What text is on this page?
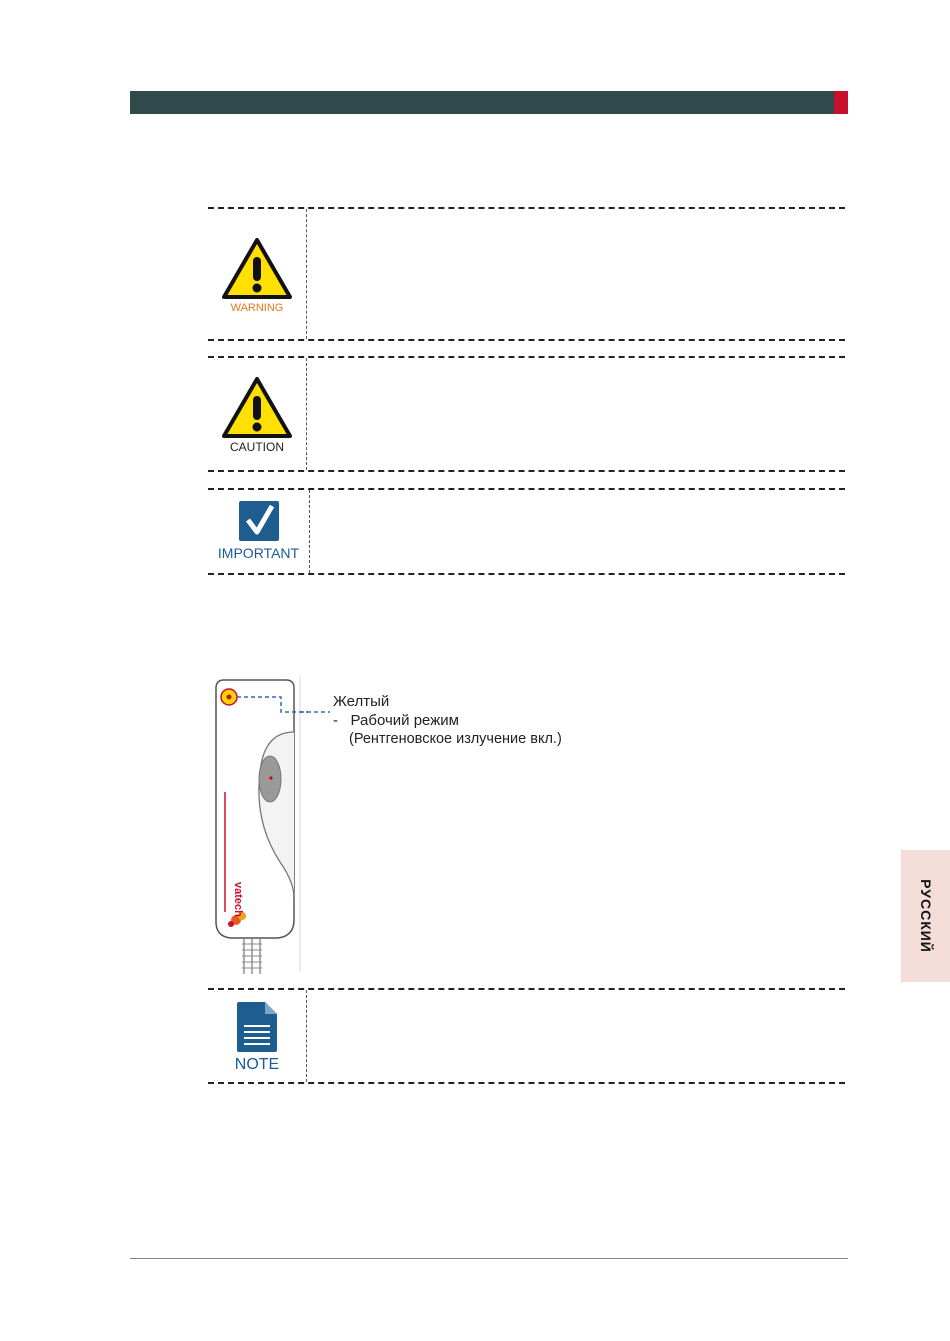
WARNING
CAUTION
IMPORTANT
vatech
Желтый
-   Рабочий режим
(Рентгеновское излучение вкл.)
NOTE
РУССКИЙ
